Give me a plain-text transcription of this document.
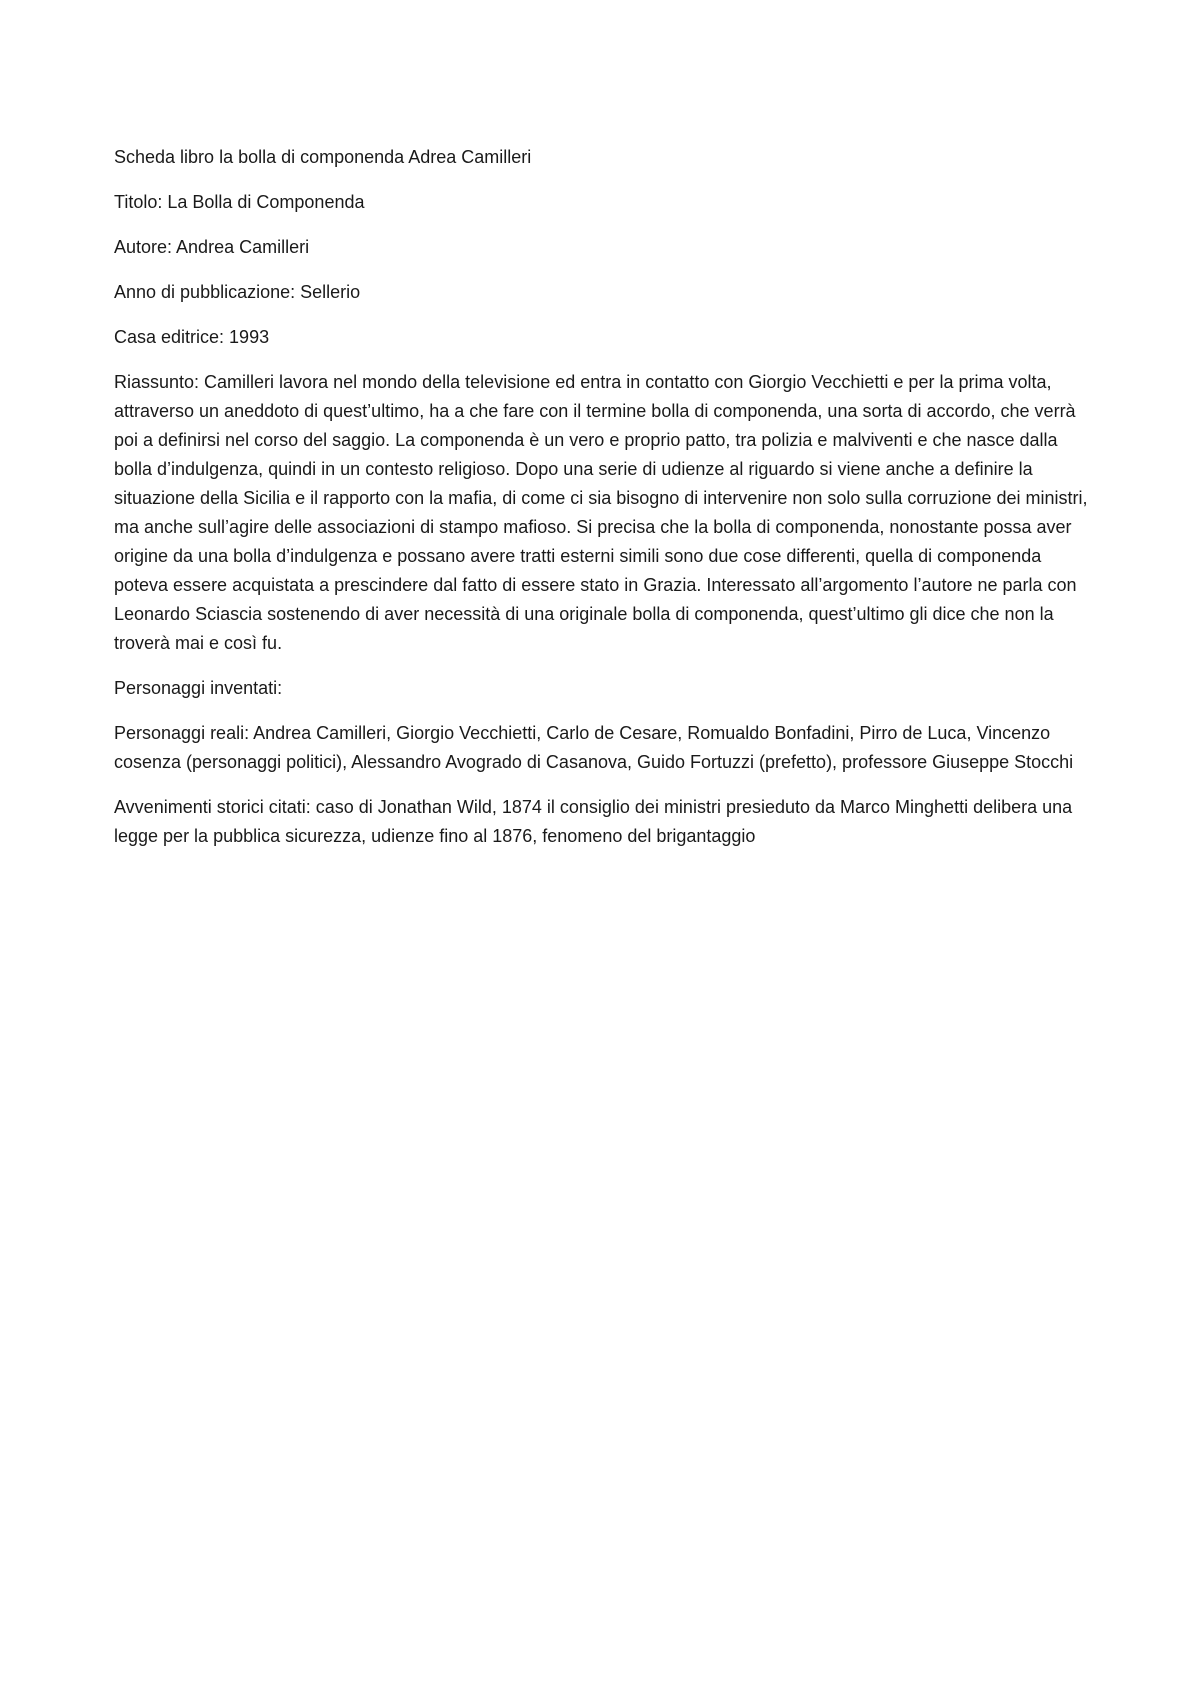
Scheda libro la bolla di componenda Adrea Camilleri

Titolo: La Bolla di Componenda

Autore: Andrea Camilleri

Anno di pubblicazione: Sellerio

Casa editrice: 1993

Riassunto: Camilleri lavora nel mondo della televisione ed entra in contatto con Giorgio Vecchietti e per la prima volta, attraverso un aneddoto di quest’ultimo, ha a che fare con il termine bolla di componenda, una sorta di accordo, che verrà poi a definirsi nel corso del saggio. La componenda è un vero e proprio patto, tra polizia e malviventi e che nasce dalla bolla d’indulgenza, quindi in un contesto religioso. Dopo una serie di udienze al riguardo si viene anche a definire la situazione della Sicilia e il rapporto con la mafia, di come ci sia bisogno di intervenire non solo sulla corruzione dei ministri, ma anche sull’agire delle associazioni di stampo mafioso. Si precisa che la bolla di componenda, nonostante possa aver origine da una bolla d’indulgenza e possano avere tratti esterni simili sono due cose differenti, quella di componenda poteva essere acquistata a prescindere dal fatto di essere stato in Grazia. Interessato all’argomento l’autore ne parla con Leonardo Sciascia sostenendo di aver necessità di una originale bolla di componenda, quest’ultimo gli dice che non la troverà mai e così fu.

Personaggi inventati:

Personaggi reali: Andrea Camilleri, Giorgio Vecchietti, Carlo de Cesare, Romualdo Bonfadini, Pirro de Luca, Vincenzo cosenza (personaggi politici), Alessandro Avogrado di Casanova, Guido Fortuzzi (prefetto), professore Giuseppe Stocchi

Avvenimenti storici citati: caso di Jonathan Wild, 1874 il consiglio dei ministri presieduto da Marco Minghetti delibera una legge per la pubblica sicurezza, udienze fino al 1876, fenomeno del brigantaggio
